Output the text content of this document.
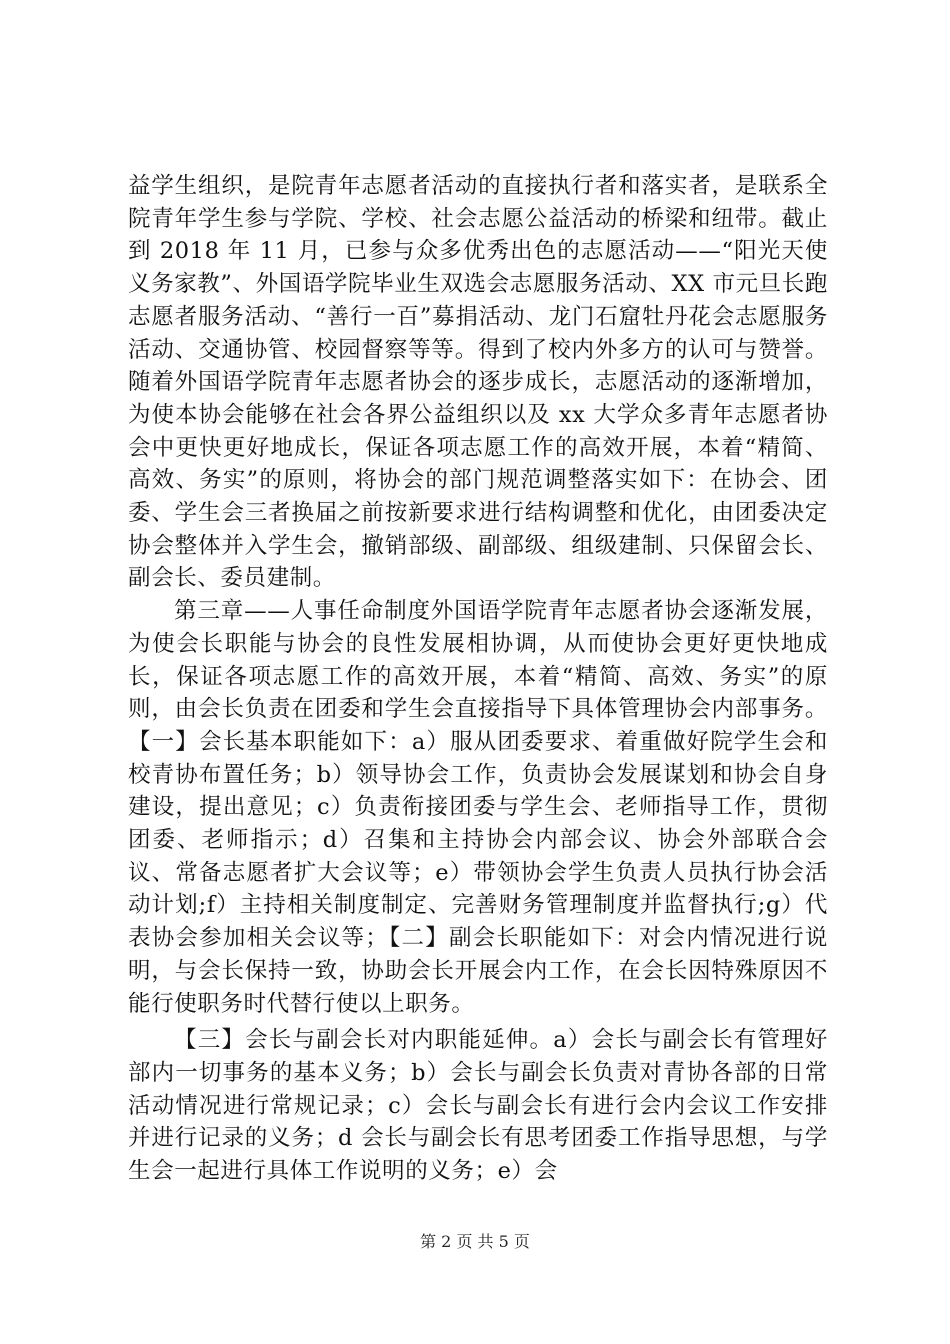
益学生组织，是院青年志愿者活动的直接执行者和落实者，是联系全院青年学生参与学院、学校、社会志愿公益活动的桥梁和纽带。截止到 2018 年 11 月，已参与众多优秀出色的志愿活动——“阳光天使义务家教”、外国语学院毕业生双选会志愿服务活动、XX 市元旦长跑志愿者服务活动、“善行一百”募捐活动、龙门石窟牡丹花会志愿服务活动、交通协管、校园督察等等。得到了校内外多方的认可与赞誉。随着外国语学院青年志愿者协会的逐步成长，志愿活动的逐渐增加，为使本协会能够在社会各界公益组织以及 xx 大学众多青年志愿者协会中更快更好地成长，保证各项志愿工作的高效开展，本着“精简、高效、务实”的原则，将协会的部门规范调整落实如下：在协会、团委、学生会三者换届之前按新要求进行结构调整和优化，由团委决定协会整体并入学生会，撤销部级、副部级、组级建制、只保留会长、副会长、委员建制。

第三章——人事任命制度外国语学院青年志愿者协会逐渐发展，为使会长职能与协会的良性发展相协调，从而使协会更好更快地成长，保证各项志愿工作的高效开展，本着“精简、高效、务实”的原则，由会长负责在团委和学生会直接指导下具体管理协会内部事务。【一】会长基本职能如下：a）服从团委要求、着重做好院学生会和校青协布置任务；b）领导协会工作，负责协会发展谋划和协会自身建设，提出意见；c）负责衔接团委与学生会、老师指导工作，贯彻团委、老师指示；d）召集和主持协会内部会议、协会外部联合会议、常备志愿者扩大会议等；e）带领协会学生负责人员执行协会活动计划;f）主持相关制度制定、完善财务管理制度并监督执行;g）代表协会参加相关会议等；【二】副会长职能如下：对会内情况进行说明，与会长保持一致，协助会长开展会内工作，在会长因特殊原因不能行使职务时代替行使以上职务。

【三】会长与副会长对内职能延伸。a）会长与副会长有管理好部内一切事务的基本义务；b）会长与副会长负责对青协各部的日常活动情况进行常规记录；c）会长与副会长有进行会内会议工作安排并进行记录的义务；d 会长与副会长有思考团委工作指导思想，与学生会一起进行具体工作说明的义务；e）会

第 2 页 共 5 页
